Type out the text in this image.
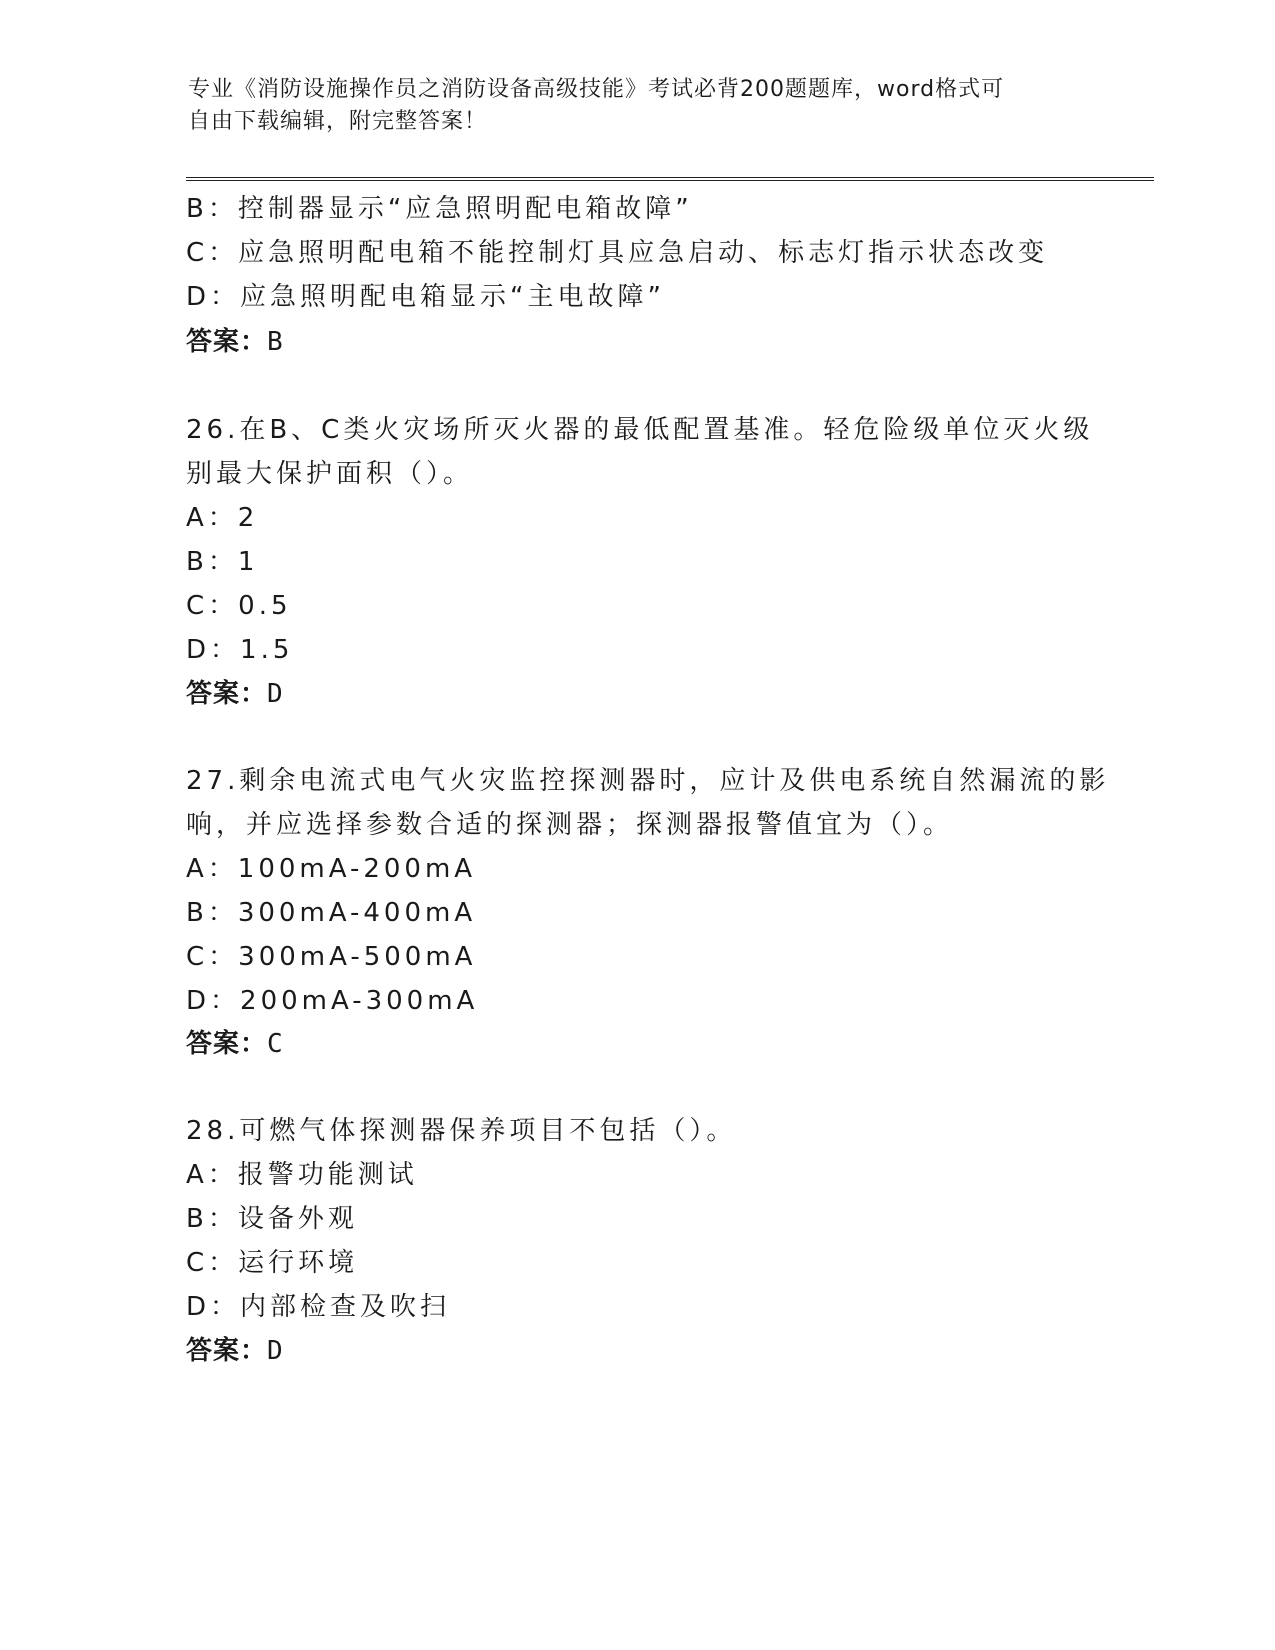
专业《消防设施操作员之消防设备高级技能》考试必背200题题库，word格式可
自由下载编辑，附完整答案！
B：控制器显示“应急照明配电箱故障”
C：应急照明配电箱不能控制灯具应急启动、标志灯指示状态改变
D：应急照明配电箱显示“主电故障”
答案：B
26.在B、C类火灾场所灭火器的最低配置基准。轻危险级单位灭火级
别最大保护面积（）。
A：2
B：1
C：0.5
D：1.5
答案：D
27.剩余电流式电气火灾监控探测器时，应计及供电系统自然漏流的影
响，并应选择参数合适的探测器；探测器报警值宜为（）。
A：100mA-200mA
B：300mA-400mA
C：300mA-500mA
D：200mA-300mA
答案：C
28.可燃气体探测器保养项目不包括（）。
A：报警功能测试
B：设备外观
C：运行环境
D：内部检查及吹扫
答案：D
